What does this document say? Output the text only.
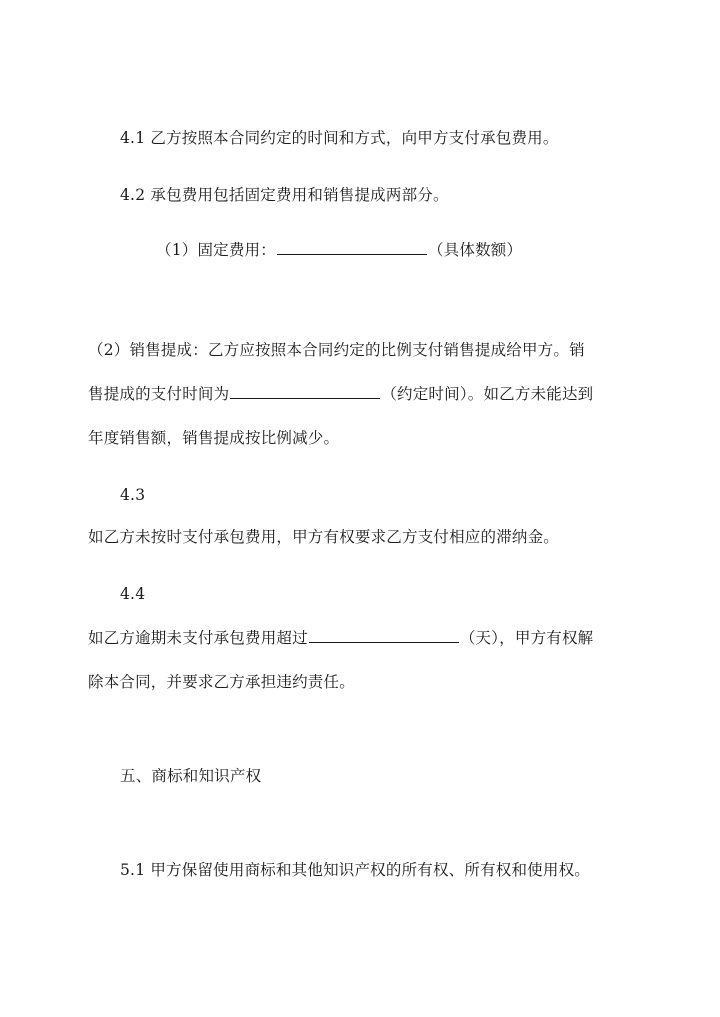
4.1 乙方按照本合同约定的时间和方式，向甲方支付承包费用。
4.2 承包费用包括固定费用和销售提成两部分。
（1）固定费用：	（具体数额）
（2）销售提成：乙方应按照本合同约定的比例支付销售提成给甲方。销
售提成的支付时间为	（约定时间）。如乙方未能达到
年度销售额，销售提成按比例减少。
4.3
如乙方未按时支付承包费用，甲方有权要求乙方支付相应的滞纳金。
4.4
如乙方逾期未支付承包费用超过	（天），甲方有权解
除本合同，并要求乙方承担违约责任。
五、商标和知识产权
5.1 甲方保留使用商标和其他知识产权的所有权、所有权和使用权。
